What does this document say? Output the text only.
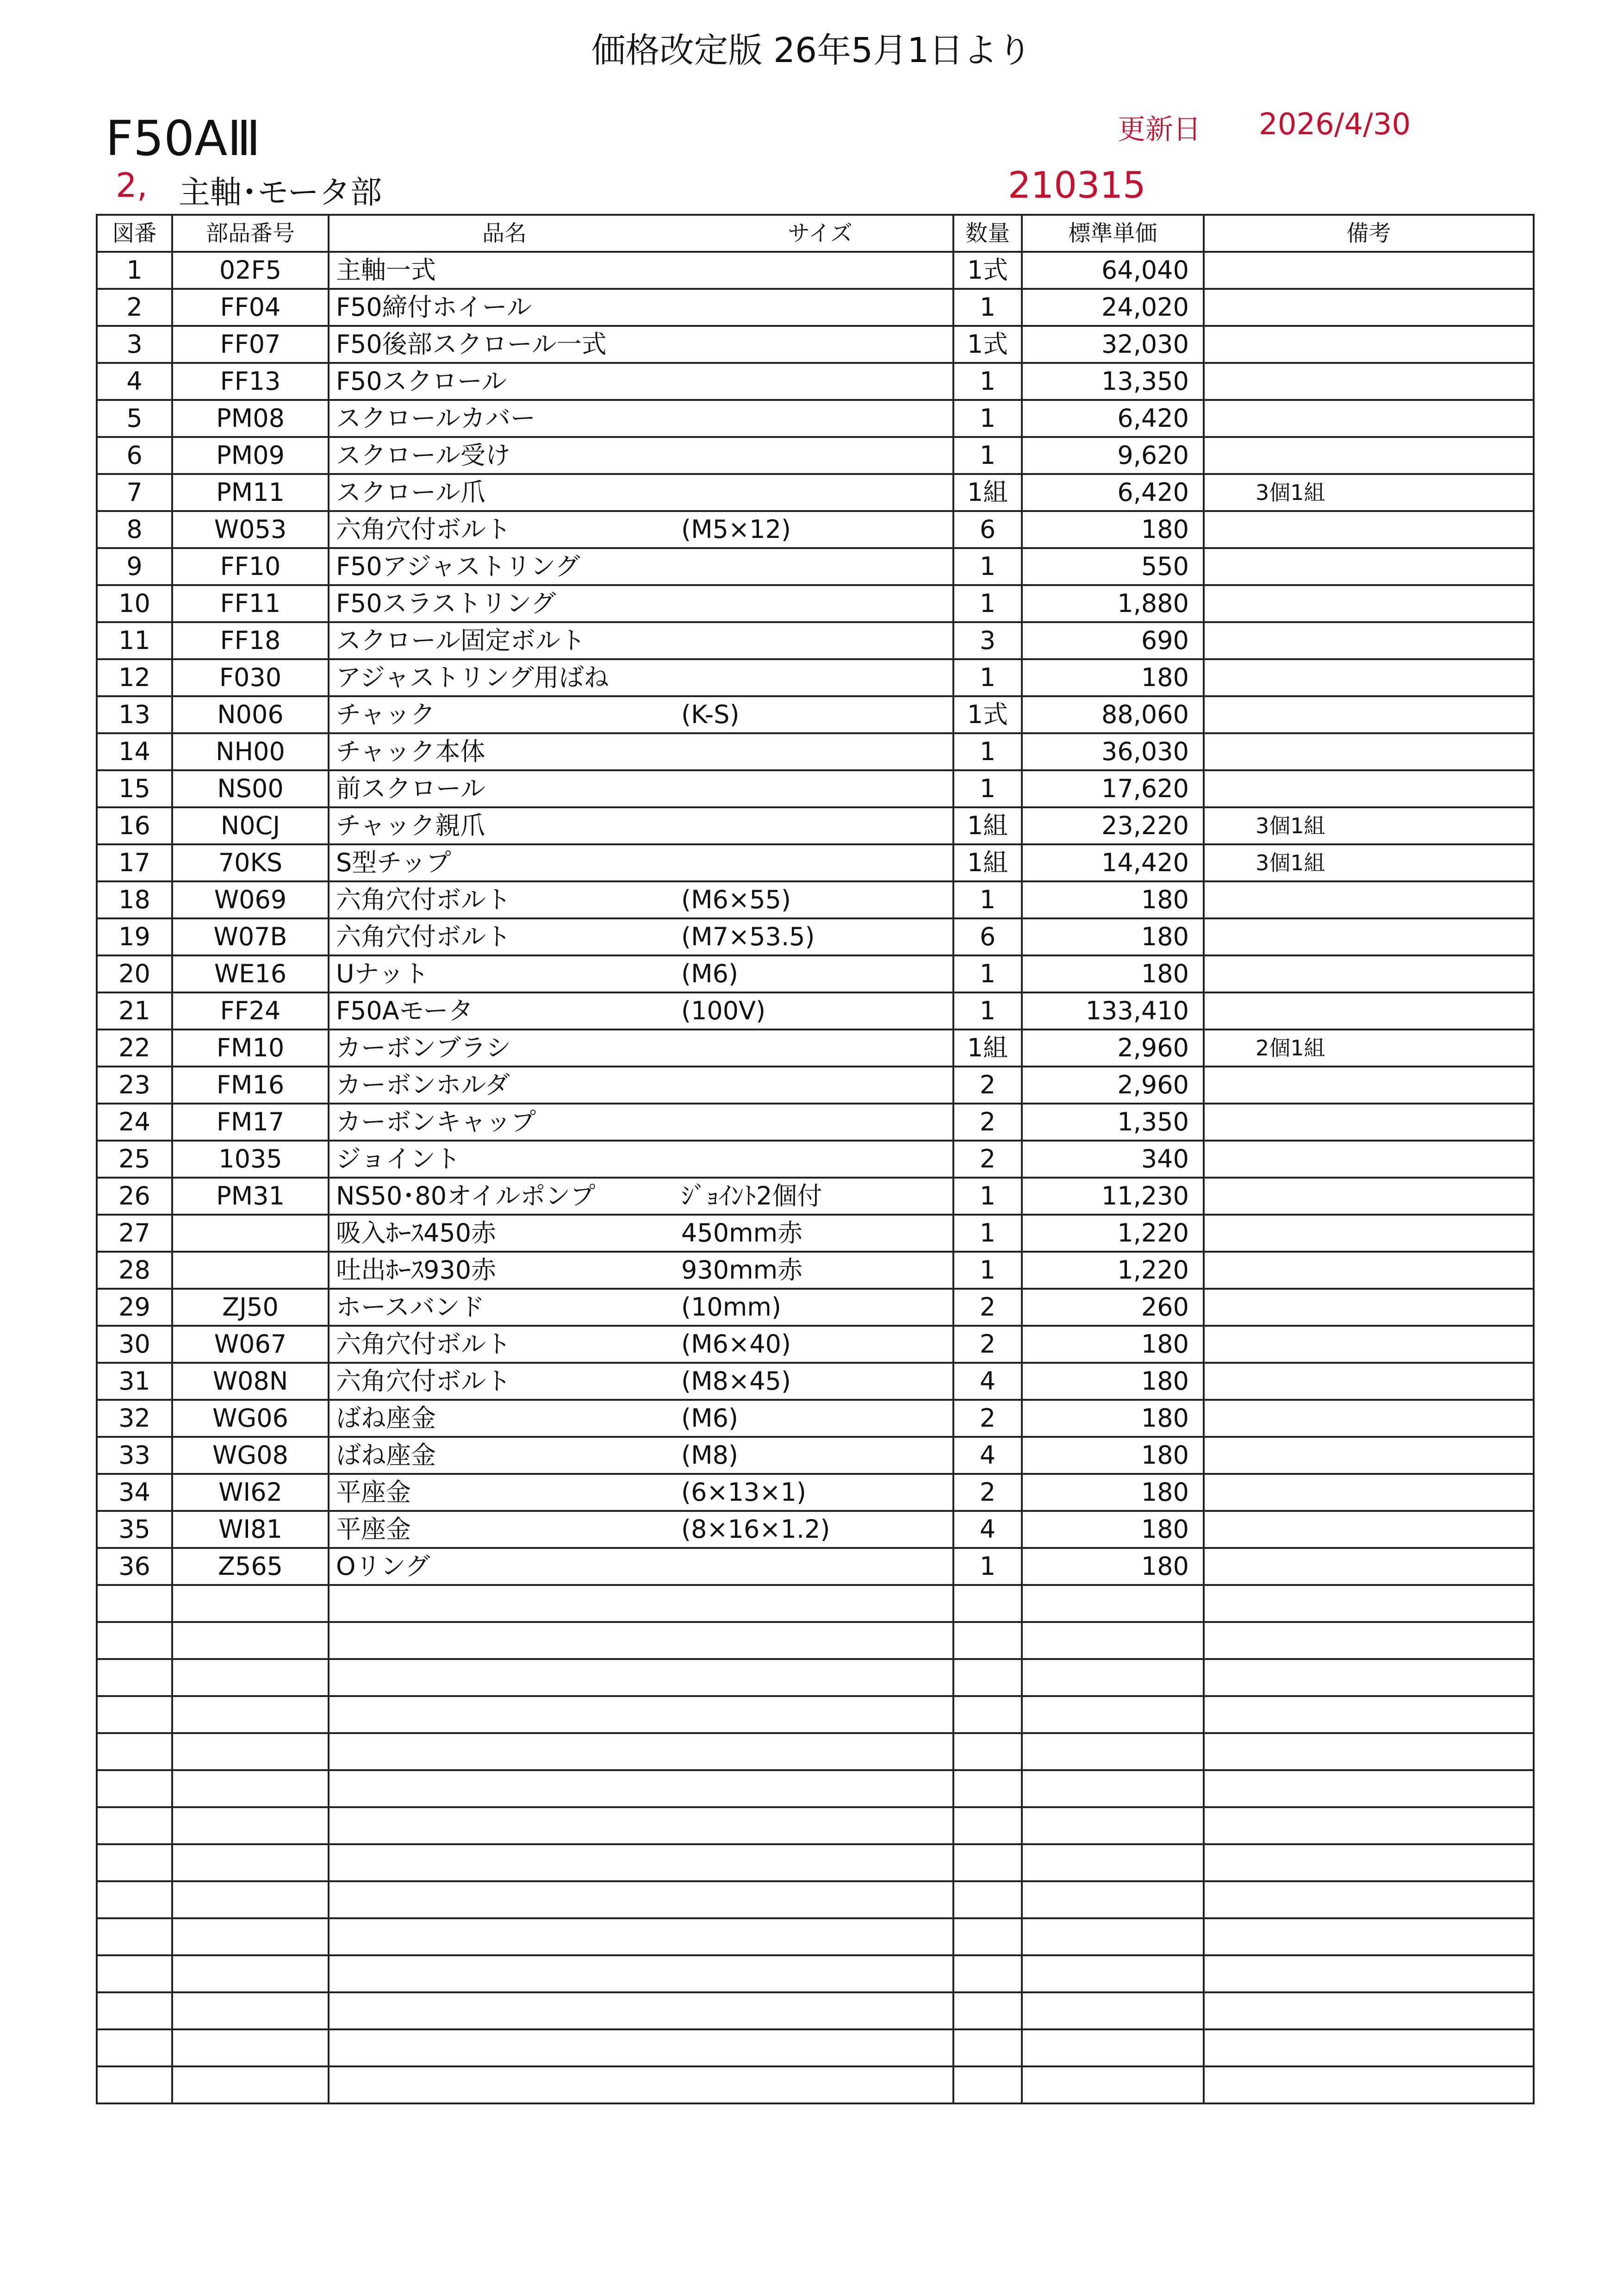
価格改定版 26年5月1日より
F50AⅢ	更新日 2026/4/30
2, 主軸･モータ部	210315
図番	部品番号	品名 サイズ	数量	標準単価	備考
1	02F5	主軸一式	1式	64,040	
2	FF04	F50締付ホイール	1	24,020	
3	FF07	F50後部スクロール一式	1式	32,030	
4	FF13	F50スクロール	1	13,350	
5	PM08	スクロールカバー	1	6,420	
6	PM09	スクロール受け	1	9,620	
7	PM11	スクロール爪	1組	6,420	3個1組
8	W053	六角穴付ボルト (M5×12)	6	180	
9	FF10	F50アジャストリング	1	550	
10	FF11	F50スラストリング	1	1,880	
11	FF18	スクロール固定ボルト	3	690	
12	F030	アジャストリング用ばね	1	180	
13	N006	チャック (K-S)	1式	88,060	
14	NH00	チャック本体	1	36,030	
15	NS00	前スクロール	1	17,620	
16	N0CJ	チャック親爪	1組	23,220	3個1組
17	70KS	S型チップ	1組	14,420	3個1組
18	W069	六角穴付ボルト (M6×55)	1	180	
19	W07B	六角穴付ボルト (M7×53.5)	6	180	
20	WE16	Uナット (M6)	1	180	
21	FF24	F50Aモータ (100V)	1	133,410	
22	FM10	カーボンブラシ	1組	2,960	2個1組
23	FM16	カーボンホルダ	2	2,960	
24	FM17	カーボンキャップ	2	1,350	
25	1035	ジョイント	2	340	
26	PM31	NS50･80オイルポンプ ｼﾞｮｲﾝﾄ2個付	1	11,230	
27		吸入ﾎｰｽ450赤 450mm赤	1	1,220	
28		吐出ﾎｰｽ930赤 930mm赤	1	1,220	
29	ZJ50	ホースバンド (10mm)	2	260	
30	W067	六角穴付ボルト (M6×40)	2	180	
31	W08N	六角穴付ボルト (M8×45)	4	180	
32	WG06	ばね座金 (M6)	2	180	
33	WG08	ばね座金 (M8)	4	180	
34	WI62	平座金 (6×13×1)	2	180	
35	WI81	平座金 (8×16×1.2)	4	180	
36	Z565	Oリング	1	180	
